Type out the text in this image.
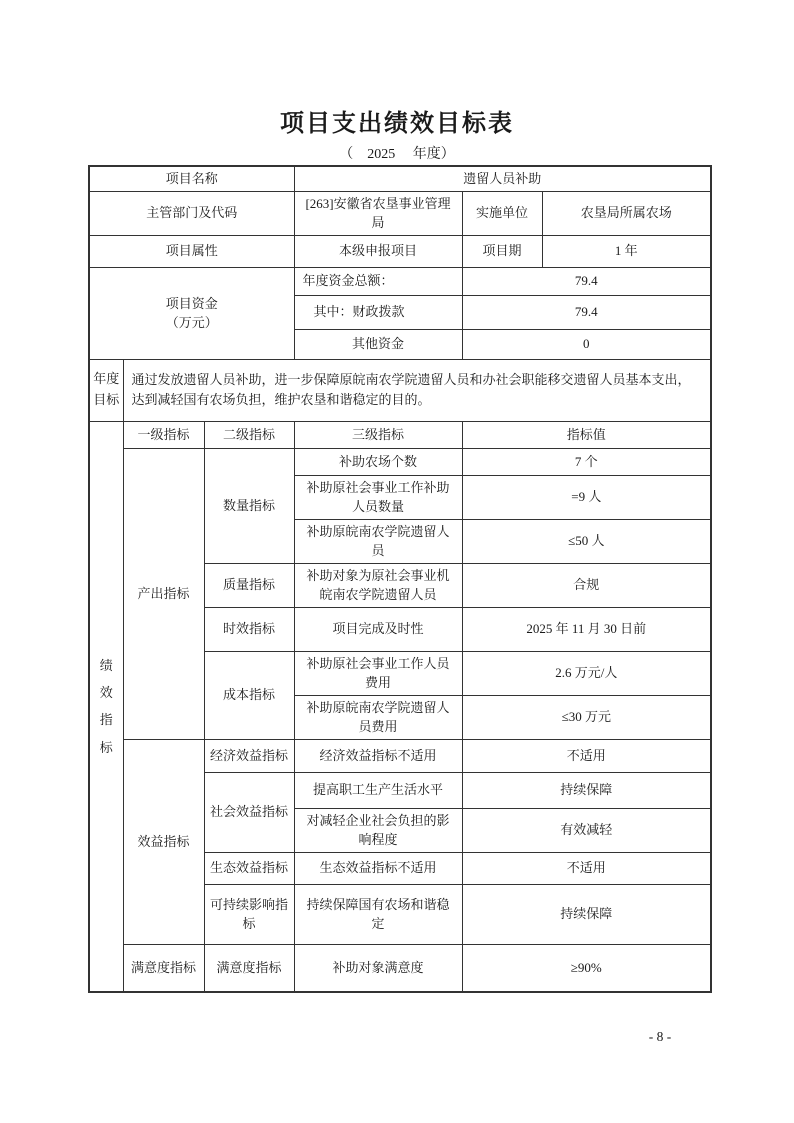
项目支出绩效目标表
（　2025　 年度）
项目名称			遗留人员补助		
主管部门及代码			[263]安徽省农垦事业管理局	实施单位	农垦局所属农场
项目属性			本级申报项目	项目期	1 年

项目资金
（万元）			年度资金总额：	79.4	
			其中：财政拨款	79.4	
			其他资金	0	

年度目标	通过发放遗留人员补助，进一步保障原皖南农学院遗留人员和办社会职能移交遗留人员基本支出，达到减轻国有农场负担，维护农垦和谐稳定的目的。				

绩效指标	一级指标	二级指标	三级指标	指标值	
	产出指标	数量指标	补助农场个数	7 个	
			补助原社会事业工作补助人员数量	=9 人	
			补助原皖南农学院遗留人员	≤50 人	
		质量指标	补助对象为原社会事业机皖南农学院遗留人员	合规	
		时效指标	项目完成及时性	2025 年 11 月 30 日前	
		成本指标	补助原社会事业工作人员费用	2.6 万元/人	
			补助原皖南农学院遗留人员费用	≤30 万元	
	效益指标	经济效益指标	经济效益指标不适用	不适用	
		社会效益指标	提高职工生产生活水平	持续保障	
			对减轻企业社会负担的影响程度	有效减轻	
		生态效益指标	生态效益指标不适用	不适用	
		可持续影响指标	持续保障国有农场和谐稳定	持续保障	
	满意度指标	满意度指标	补助对象满意度	≥90%	
- 8 -
